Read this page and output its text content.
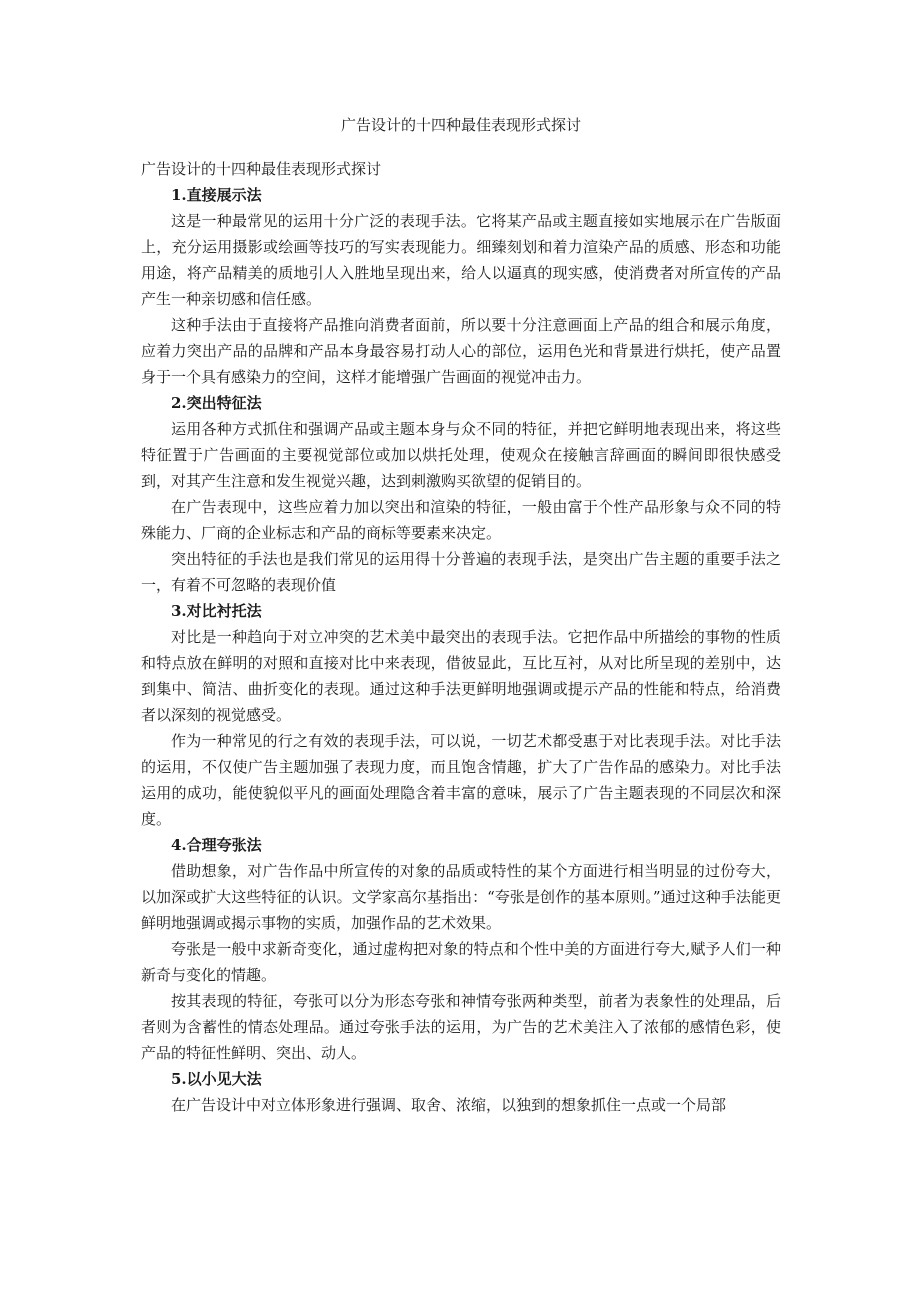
广告设计的十四种最佳表现形式探讨

广告设计的十四种最佳表现形式探讨

1.直接展示法

这是一种最常见的运用十分广泛的表现手法。它将某产品或主题直接如实地展示在广告版面上，充分运用摄影或绘画等技巧的写实表现能力。细臻刻划和着力渲染产品的质感、形态和功能用途，将产品精美的质地引人入胜地呈现出来，给人以逼真的现实感，使消费者对所宣传的产品产生一种亲切感和信任感。

这种手法由于直接将产品推向消费者面前，所以要十分注意画面上产品的组合和展示角度，应着力突出产品的品牌和产品本身最容易打动人心的部位，运用色光和背景进行烘托，使产品置身于一个具有感染力的空间，这样才能增强广告画面的视觉冲击力。

2.突出特征法

运用各种方式抓住和强调产品或主题本身与众不同的特征，并把它鲜明地表现出来，将这些特征置于广告画面的主要视觉部位或加以烘托处理，使观众在接触言辞画面的瞬间即很快感受到，对其产生注意和发生视觉兴趣，达到刺激购买欲望的促销目的。

在广告表现中，这些应着力加以突出和渲染的特征，一般由富于个性产品形象与众不同的特殊能力、厂商的企业标志和产品的商标等要素来决定。

突出特征的手法也是我们常见的运用得十分普遍的表现手法，是突出广告主题的重要手法之一，有着不可忽略的表现价值

3.对比衬托法

对比是一种趋向于对立冲突的艺术美中最突出的表现手法。它把作品中所描绘的事物的性质和特点放在鲜明的对照和直接对比中来表现，借彼显此，互比互衬，从对比所呈现的差别中，达到集中、简洁、曲折变化的表现。通过这种手法更鲜明地强调或提示产品的性能和特点，给消费者以深刻的视觉感受。

作为一种常见的行之有效的表现手法，可以说，一切艺术都受惠于对比表现手法。对比手法的运用，不仅使广告主题加强了表现力度，而且饱含情趣，扩大了广告作品的感染力。对比手法运用的成功，能使貌似平凡的画面处理隐含着丰富的意味，展示了广告主题表现的不同层次和深度。

4.合理夸张法

借助想象，对广告作品中所宣传的对象的品质或特性的某个方面进行相当明显的过份夸大，以加深或扩大这些特征的认识。文学家高尔基指出：“夸张是创作的基本原则。”通过这种手法能更鲜明地强调或揭示事物的实质，加强作品的艺术效果。

夸张是一般中求新奇变化，通过虚构把对象的特点和个性中美的方面进行夸大,赋予人们一种新奇与变化的情趣。

按其表现的特征，夸张可以分为形态夸张和神情夸张两种类型，前者为表象性的处理品，后者则为含蓄性的情态处理品。通过夸张手法的运用，为广告的艺术美注入了浓郁的感情色彩，使产品的特征性鲜明、突出、动人。

5.以小见大法

在广告设计中对立体形象进行强调、取舍、浓缩，以独到的想象抓住一点或一个局部
